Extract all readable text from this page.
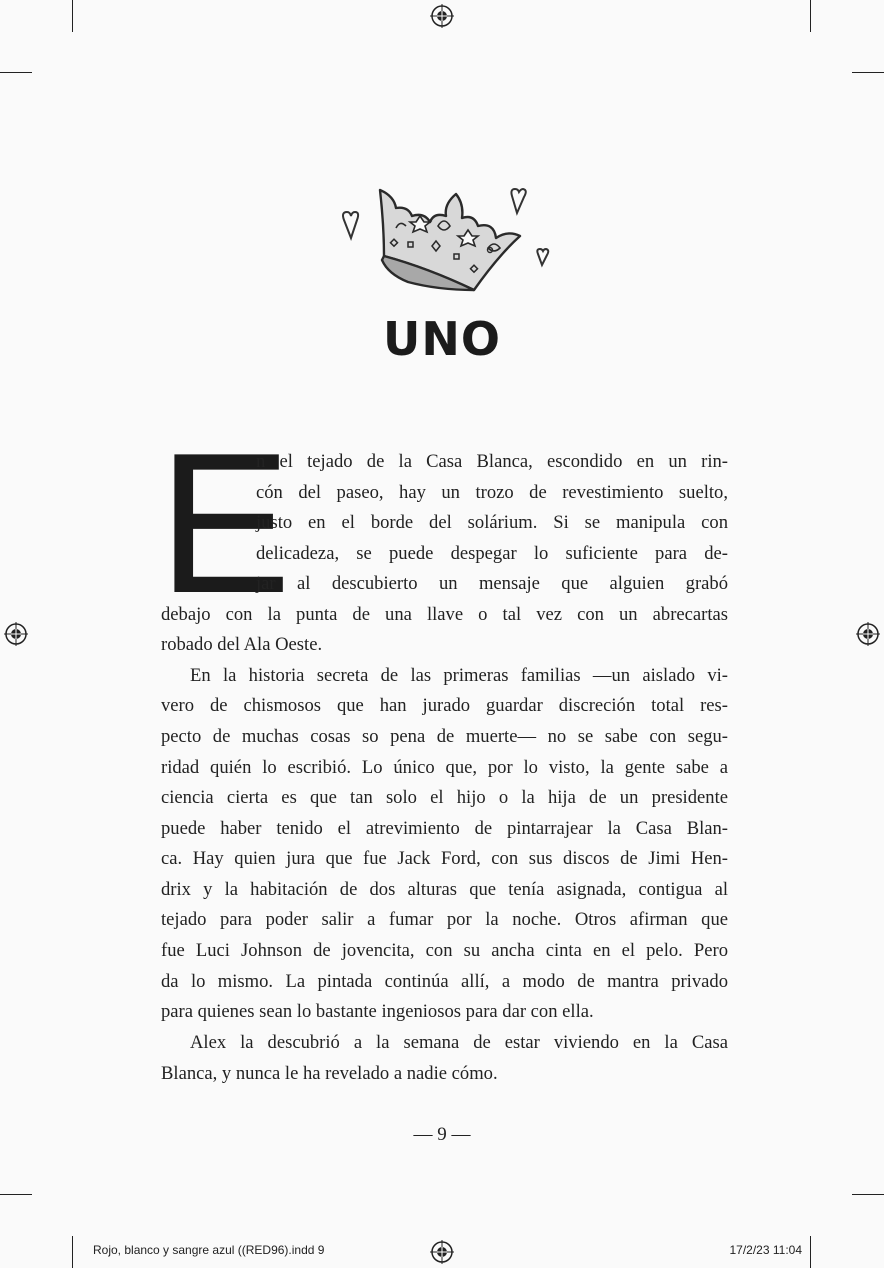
UNO
E
n el tejado de la Casa Blanca, escondido en un rin-
cón del paseo, hay un trozo de revestimiento suelto,
justo en el borde del solárium. Si se manipula con
delicadeza, se puede despegar lo suficiente para de-
jar al descubierto un mensaje que alguien grabó
debajo con la punta de una llave o tal vez con un abrecartas
robado del Ala Oeste.
En la historia secreta de las primeras familias —un aislado vi-
vero de chismosos que han jurado guardar discreción total res-
pecto de muchas cosas so pena de muerte— no se sabe con segu-
ridad quién lo escribió. Lo único que, por lo visto, la gente sabe a
ciencia cierta es que tan solo el hijo o la hija de un presidente
puede haber tenido el atrevimiento de pintarrajear la Casa Blan-
ca. Hay quien jura que fue Jack Ford, con sus discos de Jimi Hen-
drix y la habitación de dos alturas que tenía asignada, contigua al
tejado para poder salir a fumar por la noche. Otros afirman que
fue Luci Johnson de jovencita, con su ancha cinta en el pelo. Pero
da lo mismo. La pintada continúa allí, a modo de mantra privado
para quienes sean lo bastante ingeniosos para dar con ella.
Alex la descubrió a la semana de estar viviendo en la Casa
Blanca, y nunca le ha revelado a nadie cómo.
— 9 —
Rojo, blanco y sangre azul ((RED96).indd 9	17/2/23 11:04
